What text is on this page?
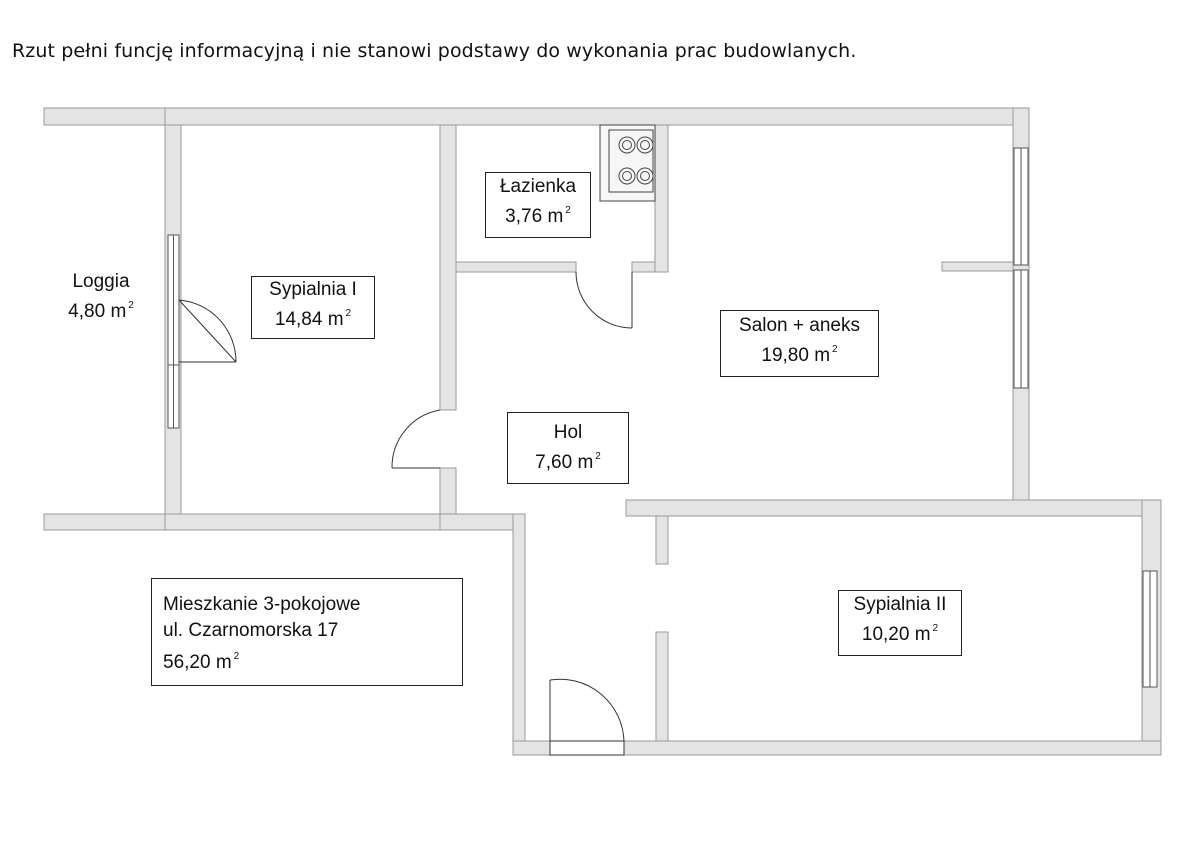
Rzut pełni funcję informacyjną i nie stanowi podstawy do wykonania prac budowlanych.
Loggia
4,80 m $^2$
Sypialnia I
14,84 m $^2$
Łazienka
3,76 m $^2$
Salon + aneks
19,80 m $^2$
Hol
7,60 m $^2$
Sypialnia II
10,20 m $^2$
Mieszkanie 3-pokojowe
ul. Czarnomorska 17
56,20 m $^2$
